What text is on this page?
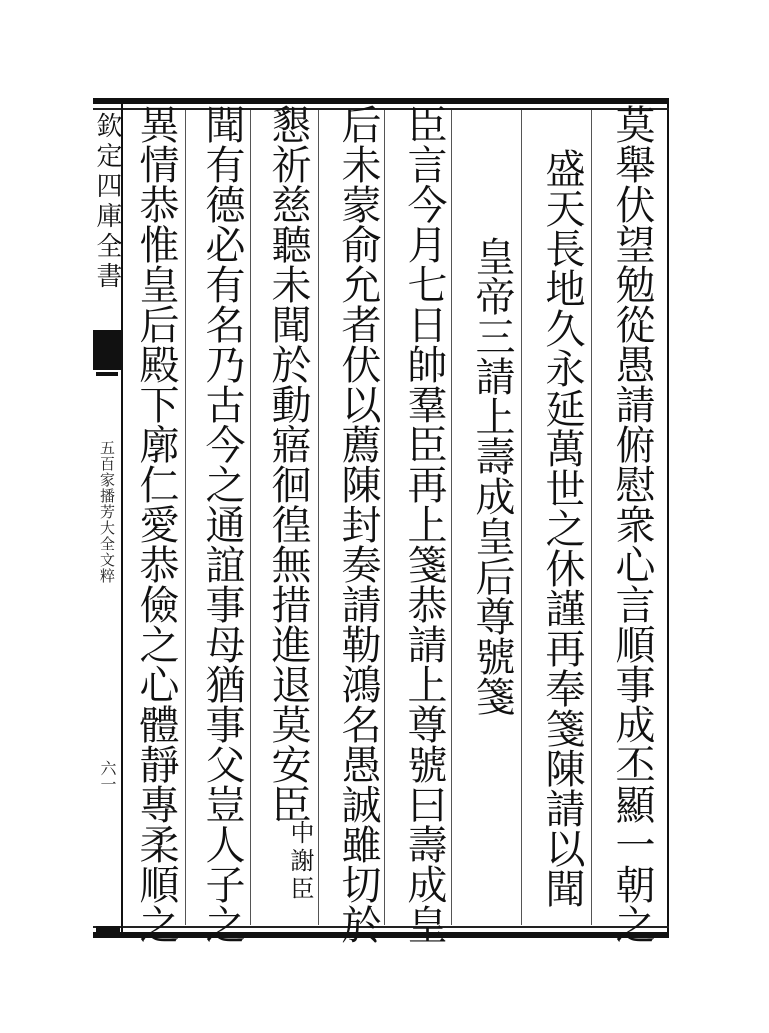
欽定四庫全書
五百家播芳大全文粹
六一	莫舉伏望勉從愚請俯慰衆心言順事成丕顯一朝之
盛天長地久永延萬世之休謹再奉箋陳請以聞
皇帝三請上壽成皇后尊號箋
臣言今月七日帥羣臣再上箋恭請上尊號曰壽成皇
后未蒙俞允者伏以薦陳封奏請勒鴻名愚誠雖切於
懇祈慈聽未聞於動寤徊徨無措進退莫安臣
中謝臣
聞有德必有名乃古今之通誼事母猶事父豈人子之
異情恭惟皇后殿下廓仁愛恭儉之心體靜專柔順之
